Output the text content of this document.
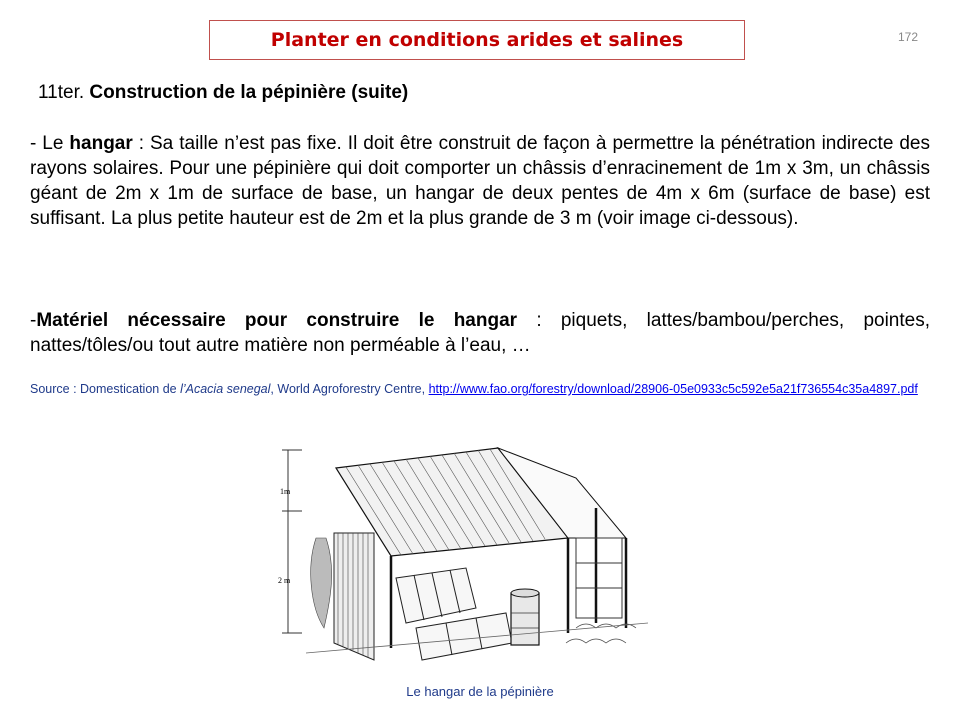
Planter en conditions arides et salines	172
11ter. Construction de la pépinière (suite)
- Le hangar : Sa taille n’est pas fixe. Il doit être construit de façon à permettre la pénétration indirecte des rayons solaires. Pour une pépinière qui doit comporter un châssis d’enracinement de 1m x 3m, un châssis géant de 2m x 1m de surface de base, un hangar de deux pentes de 4m x 6m (surface de base) est suffisant. La plus petite hauteur est de 2m et la plus grande de 3 m (voir image ci-dessous).
-Matériel nécessaire pour construire le hangar : piquets, lattes/bambou/perches, pointes, nattes/tôles/ou tout autre matière non perméable à l’eau, …
Source : Domestication de l’Acacia senegal, World Agroforestry Centre, http://www.fao.org/forestry/download/28906-05e0933c5c592e5a21f736554c35a4897.pdf
1m
2 m
Le hangar de la pépinière
